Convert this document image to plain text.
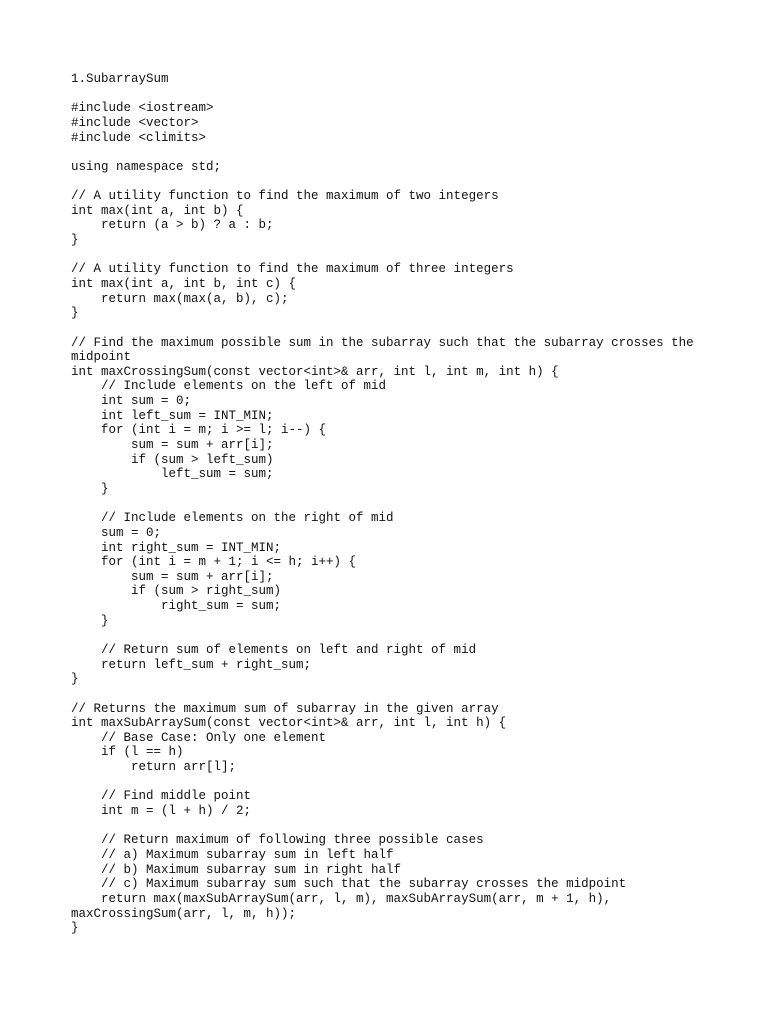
1.SubarraySum

#include <iostream>
#include <vector>
#include <climits>

using namespace std;

// A utility function to find the maximum of two integers
int max(int a, int b) {
return (a > b) ? a : b;
}

// A utility function to find the maximum of three integers
int max(int a, int b, int c) {
return max(max(a, b), c);
}

// Find the maximum possible sum in the subarray such that the subarray crosses the
midpoint
int maxCrossingSum(const vector<int>& arr, int l, int m, int h) {
// Include elements on the left of mid
int sum = 0;
int left_sum = INT_MIN;
for (int i = m; i >= l; i--) {
sum = sum + arr[i];
if (sum > left_sum)
left_sum = sum;
}

// Include elements on the right of mid
sum = 0;
int right_sum = INT_MIN;
for (int i = m + 1; i <= h; i++) {
sum = sum + arr[i];
if (sum > right_sum)
right_sum = sum;
}

// Return sum of elements on left and right of mid
return left_sum + right_sum;
}

// Returns the maximum sum of subarray in the given array
int maxSubArraySum(const vector<int>& arr, int l, int h) {
// Base Case: Only one element
if (l == h)
return arr[l];

// Find middle point
int m = (l + h) / 2;

// Return maximum of following three possible cases
// a) Maximum subarray sum in left half
// b) Maximum subarray sum in right half
// c) Maximum subarray sum such that the subarray crosses the midpoint
return max(maxSubArraySum(arr, l, m), maxSubArraySum(arr, m + 1, h),
maxCrossingSum(arr, l, m, h));
}
